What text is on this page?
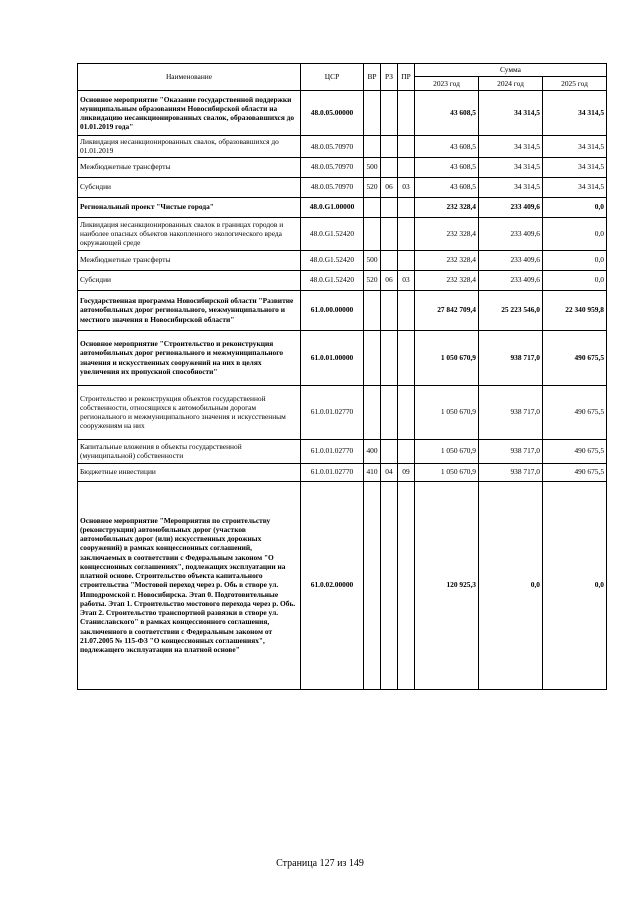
Наименование	ЦСР	ВР	РЗ	ПР	Сумма		
					2023 год	2024 год	2025 год
Основное мероприятие "Оказание государственной поддержки муниципальным образованиям Новосибирской области на ликвидацию несанкционированных свалок, образовавшихся до 01.01.2019 года"	48.0.05.00000				43 608,5	34 314,5	34 314,5
Ликвидация несанкционированных свалок, образовавшихся до 01.01.2019	48.0.05.70970				43 608,5	34 314,5	34 314,5
Межбюджетные трансферты	48.0.05.70970	500			43 608,5	34 314,5	34 314,5
Субсидии	48.0.05.70970	520	06	03	43 608,5	34 314,5	34 314,5
Региональный проект "Чистые города"	48.0.G1.00000				232 328,4	233 409,6	0,0
Ликвидация несанкционированных свалок в границах городов и наиболее опасных объектов накопленного экологического вреда окружающей среде	48.0.G1.52420				232 328,4	233 409,6	0,0
Межбюджетные трансферты	48.0.G1.52420	500			232 328,4	233 409,6	0,0
Субсидии	48.0.G1.52420	520	06	03	232 328,4	233 409,6	0,0
Государственная программа Новосибирской области "Развитие автомобильных дорог регионального, межмуниципального и местного значения в Новосибирской области"	61.0.00.00000				27 842 709,4	25 223 546,0	22 340 959,8
Основное мероприятие "Строительство и реконструкция автомобильных дорог регионального и межмуниципального значения и искусственных сооружений на них в целях увеличения их пропускной способности"	61.0.01.00000				1 050 670,9	938 717,0	490 675,5
Строительство и реконструкция объектов государственной собственности, относящихся к автомобильным дорогам регионального и межмуниципального значения и искусственным сооружениям на них	61.0.01.02770				1 050 670,9	938 717,0	490 675,5
Капитальные вложения в объекты государственной (муниципальной) собственности	61.0.01.02770	400			1 050 670,9	938 717,0	490 675,5
Бюджетные инвестиции	61.0.01.02770	410	04	09	1 050 670,9	938 717,0	490 675,5
Основное мероприятие "Мероприятия по строительству (реконструкции) автомобильных дорог (участков автомобильных дорог (или) искусственных дорожных сооружений) в рамках концессионных соглашений, заключаемых в соответствии с Федеральным законом "О концессионных соглашениях", подлежащих эксплуатации на платной основе. Строительство объекта капитального строительства "Мостовой переход через р. Обь в створе ул. Ипподромской г. Новосибирска. Этап 0. Подготовительные работы. Этап 1. Строительство мостового перехода через р. Обь. Этап 2. Строительство транспортной развязки в створе ул. Станиславского" в рамках концессионного соглашения, заключенного в соответствии с Федеральным законом от 21.07.2005 № 115-ФЗ "О концессионных соглашениях", подлежащего эксплуатации на платной основе"	61.0.02.00000				120 925,3	0,0	0,0
Страница 127 из 149
